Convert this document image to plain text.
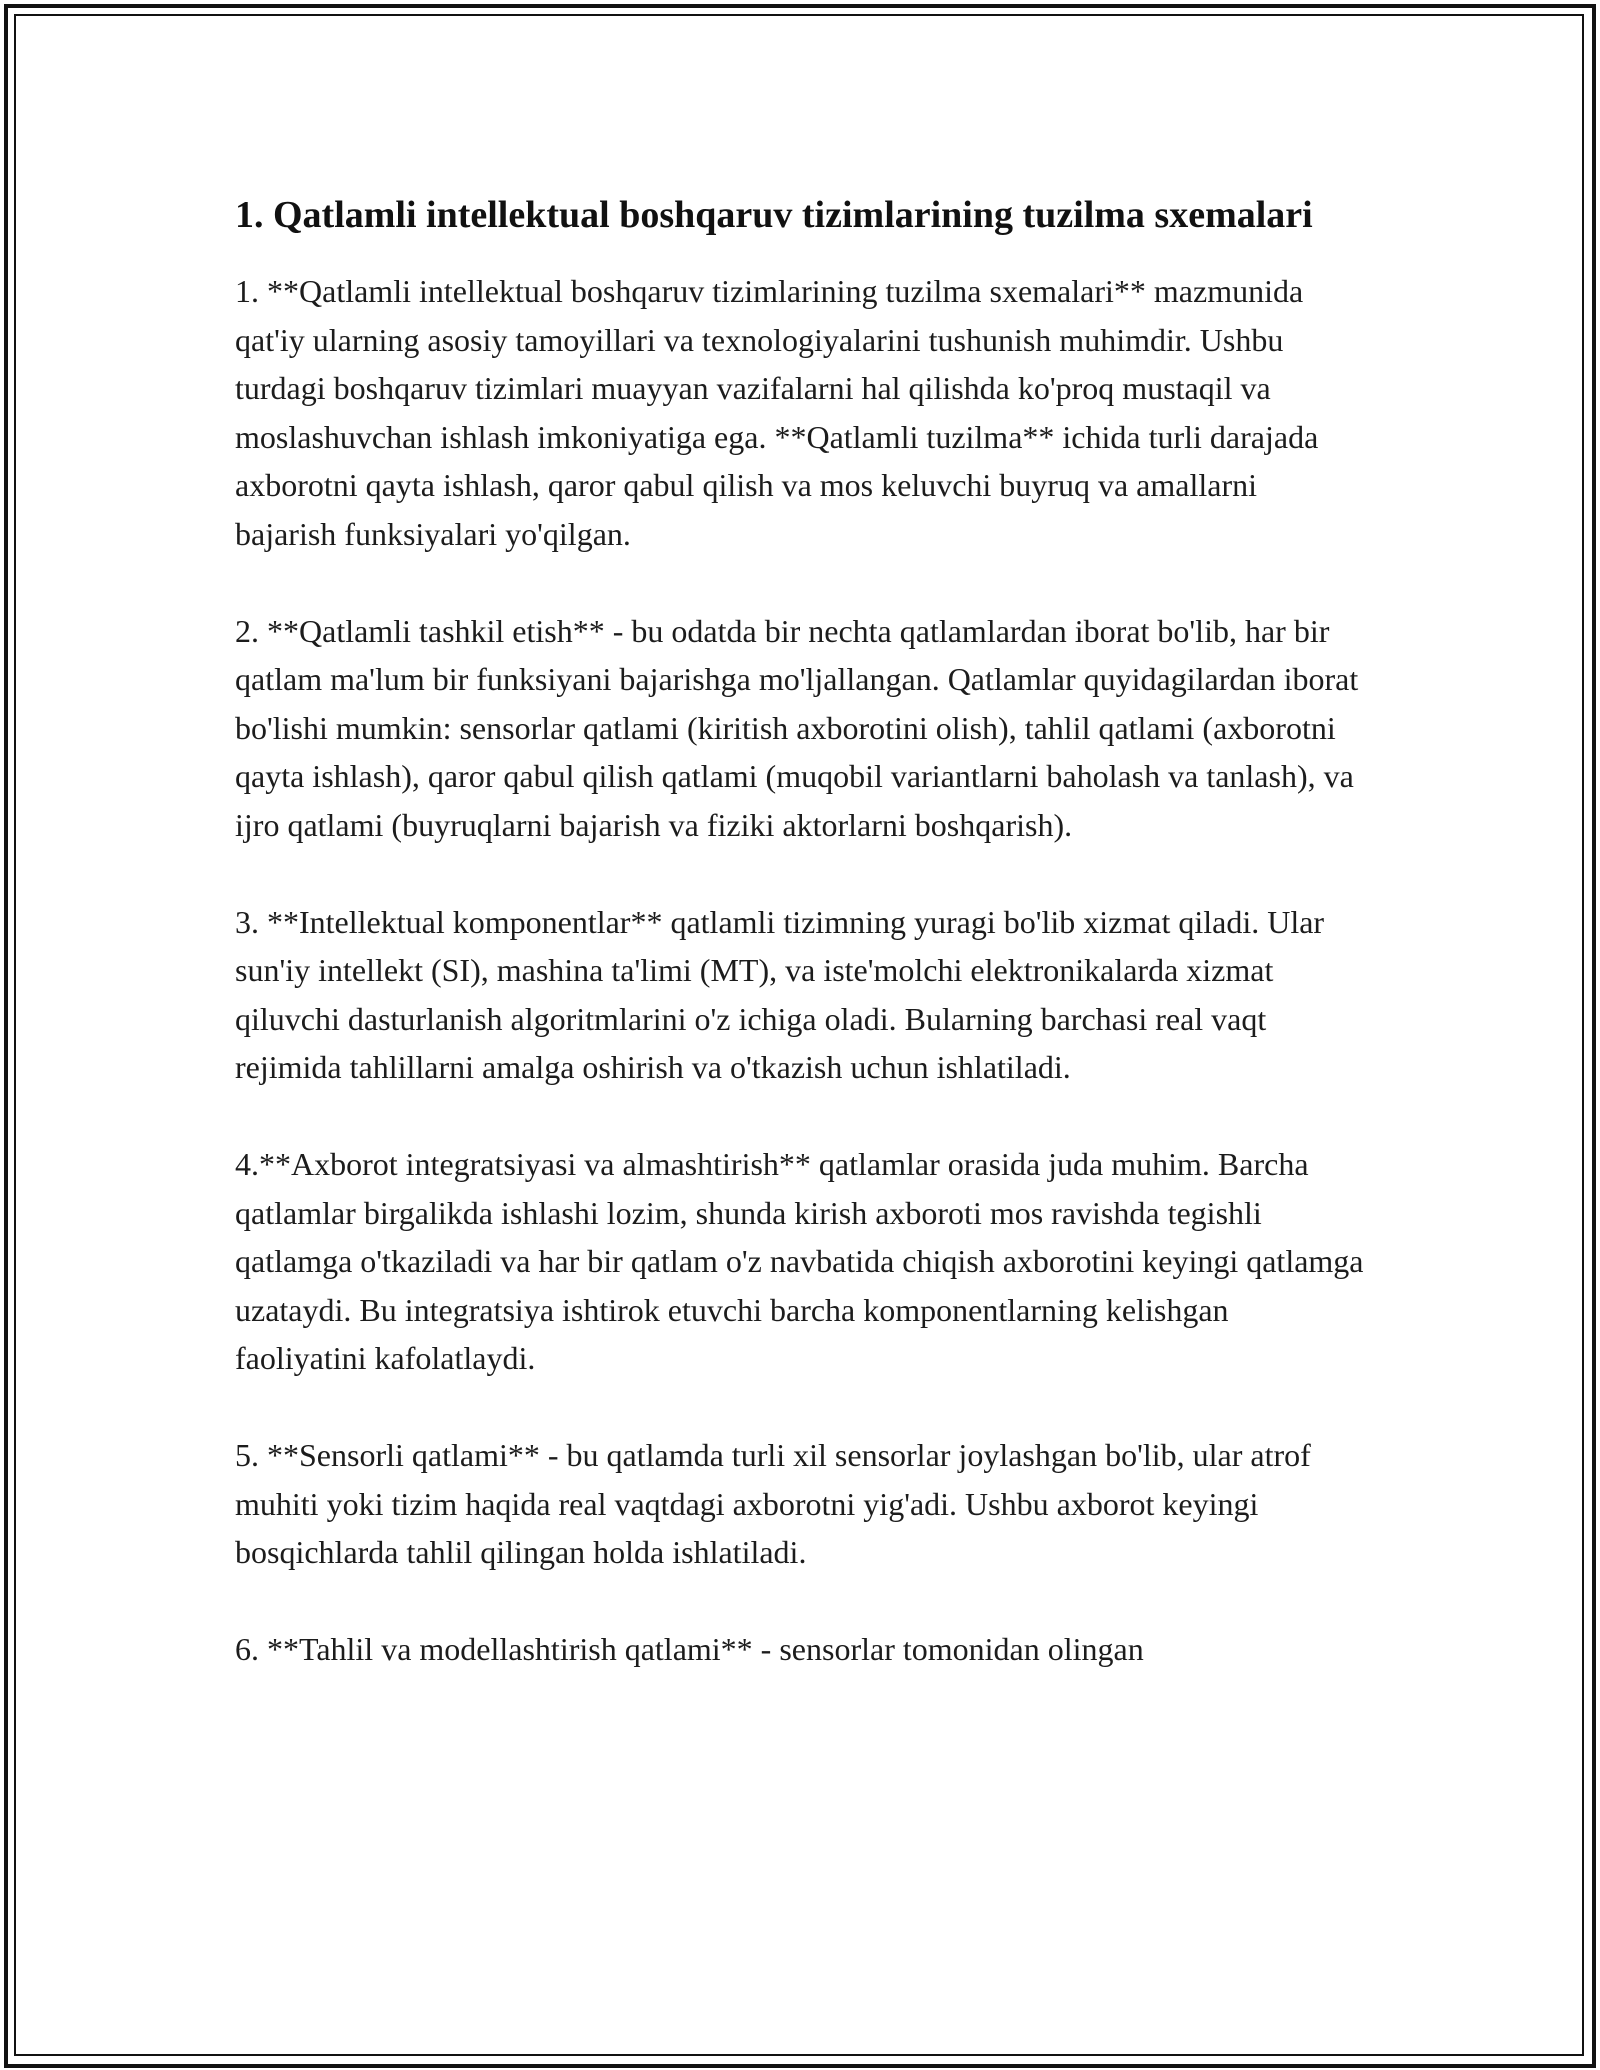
1. Qatlamli intellektual boshqaruv tizimlarining tuzilma sxemalari

1. **Qatlamli intellektual boshqaruv tizimlarining tuzilma sxemalari** mazmunida qat'iy ularning asosiy tamoyillari va texnologiyalarini tushunish muhimdir. Ushbu turdagi boshqaruv tizimlari muayyan vazifalarni hal qilishda ko'proq mustaqil va moslashuvchan ishlash imkoniyatiga ega. **Qatlamli tuzilma** ichida turli darajada axborotni qayta ishlash, qaror qabul qilish va mos keluvchi buyruq va amallarni bajarish funksiyalari yo'qilgan.

2. **Qatlamli tashkil etish** - bu odatda bir nechta qatlamlardan iborat bo'lib, har bir qatlam ma'lum bir funksiyani bajarishga mo'ljallangan. Qatlamlar quyidagilardan iborat bo'lishi mumkin: sensorlar qatlami (kiritish axborotini olish), tahlil qatlami (axborotni qayta ishlash), qaror qabul qilish qatlami (muqobil variantlarni baholash va tanlash), va ijro qatlami (buyruqlarni bajarish va fiziki aktorlarni boshqarish).

3. **Intellektual komponentlar** qatlamli tizimning yuragi bo'lib xizmat qiladi. Ular sun'iy intellekt (SI), mashina ta'limi (MT), va iste'molchi elektronikalarda xizmat qiluvchi dasturlanish algoritmlarini o'z ichiga oladi. Bularning barchasi real vaqt rejimida tahlillarni amalga oshirish va o'tkazish uchun ishlatiladi.

4.**Axborot integratsiyasi va almashtirish** qatlamlar orasida juda muhim. Barcha qatlamlar birgalikda ishlashi lozim, shunda kirish axboroti mos ravishda tegishli qatlamga o'tkaziladi va har bir qatlam o'z navbatida chiqish axborotini keyingi qatlamga uzataydi. Bu integratsiya ishtirok etuvchi barcha komponentlarning kelishgan faoliyatini kafolatlaydi.

5. **Sensorli qatlami** - bu qatlamda turli xil sensorlar joylashgan bo'lib, ular atrof muhiti yoki tizim haqida real vaqtdagi axborotni yig'adi. Ushbu axborot keyingi bosqichlarda tahlil qilingan holda ishlatiladi.

6. **Tahlil va modellashtirish qatlami** - sensorlar tomonidan olingan
